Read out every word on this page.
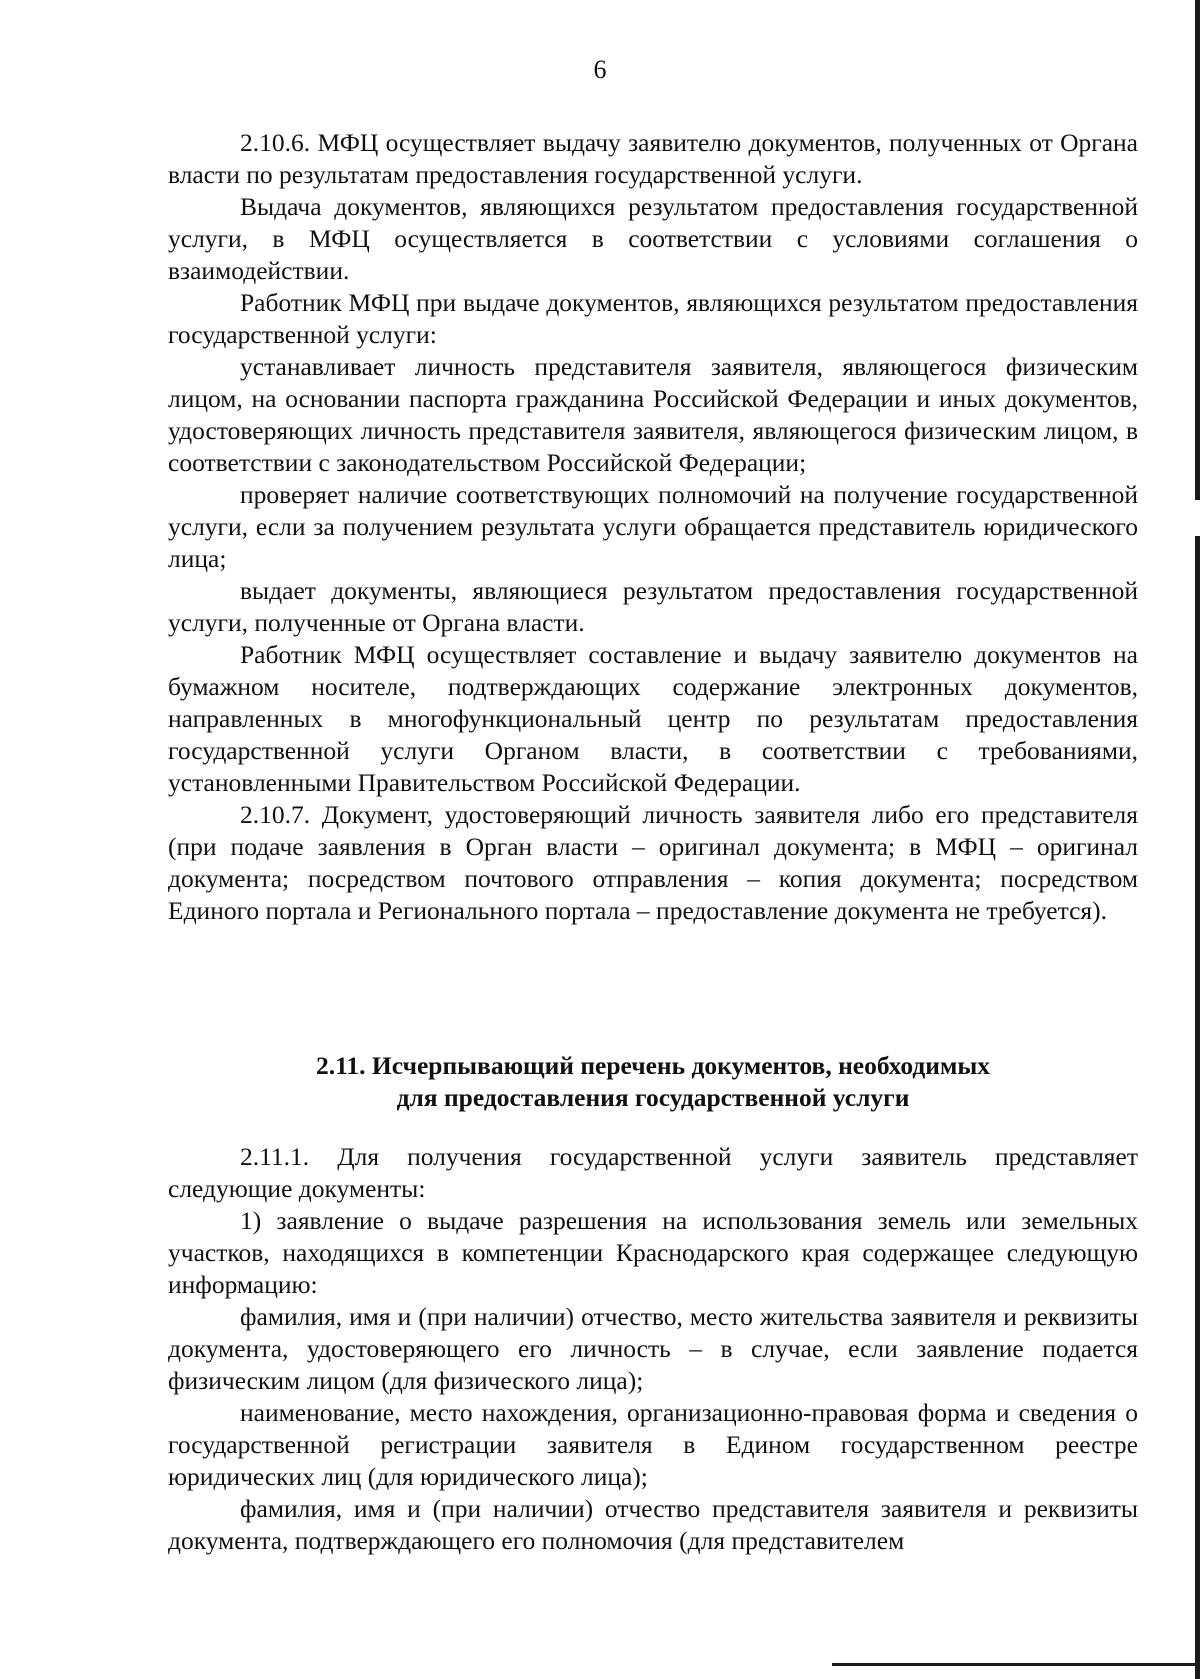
6

2.10.6. МФЦ осуществляет выдачу заявителю документов, полученных от Органа власти по результатам предоставления государственной услуги.

Выдача документов, являющихся результатом предоставления государственной услуги, в МФЦ осуществляется в соответствии с условиями соглашения о взаимодействии.

Работник МФЦ при выдаче документов, являющихся результатом предоставления государственной услуги:

устанавливает личность представителя заявителя, являющегося физическим лицом, на основании паспорта гражданина Российской Федерации и иных документов, удостоверяющих личность представителя заявителя, являющегося физическим лицом, в соответствии с законодательством Российской Федерации;

проверяет наличие соответствующих полномочий на получение государственной услуги, если за получением результата услуги обращается представитель юридического лица;

выдает документы, являющиеся результатом предоставления государственной услуги, полученные от Органа власти.

Работник МФЦ осуществляет составление и выдачу заявителю документов на бумажном носителе, подтверждающих содержание электронных документов, направленных в многофункциональный центр по результатам предоставления государственной услуги Органом власти, в соответствии с требованиями, установленными Правительством Российской Федерации.

2.10.7. Документ, удостоверяющий личность заявителя либо его представителя (при подаче заявления в Орган власти – оригинал документа; в МФЦ – оригинал документа; посредством почтового отправления – копия документа; посредством Единого портала и Регионального портала – предоставление документа не требуется).

2.11. Исчерпывающий перечень документов, необходимых
для предоставления государственной услуги

2.11.1. Для получения государственной услуги заявитель представляет следующие документы:

1) заявление о выдаче разрешения на использования земель или земельных участков, находящихся в компетенции Краснодарского края содержащее следующую информацию:

фамилия, имя и (при наличии) отчество, место жительства заявителя и реквизиты документа, удостоверяющего его личность – в случае, если заявление подается физическим лицом (для физического лица);

наименование, место нахождения, организационно-правовая форма и сведения о государственной регистрации заявителя в Едином государственном реестре юридических лиц (для юридического лица);

фамилия, имя и (при наличии) отчество представителя заявителя и реквизиты документа, подтверждающего его полномочия (для представителем
